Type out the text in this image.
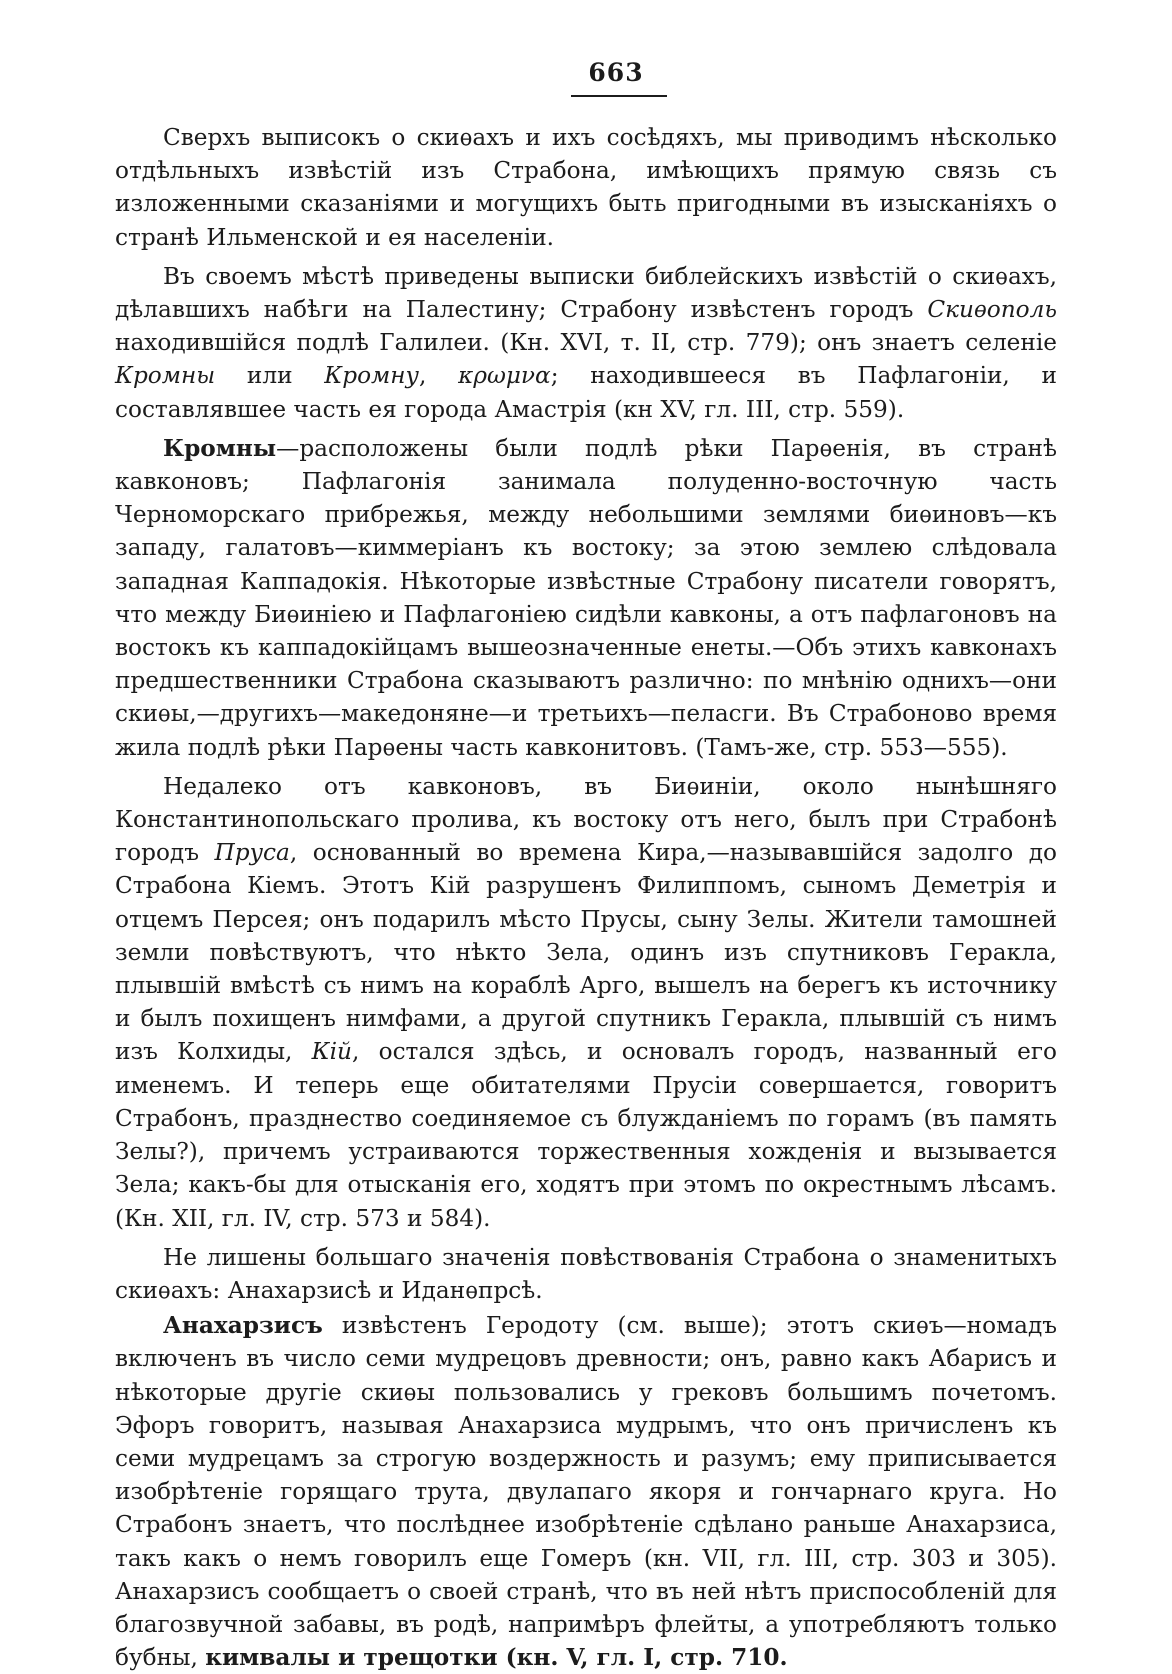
663

Сверхъ выписокъ о скиѳахъ и ихъ сосѣдяхъ, мы приводимъ нѣсколько отдѣльныхъ извѣстій изъ Страбона, имѣющихъ прямую связь съ изложенными сказаніями и могущихъ быть пригодными въ изысканіяхъ о странѣ Ильменской и ея населеніи.

Въ своемъ мѣстѣ приведены выписки библейскихъ извѣстій о скиѳахъ, дѣлавшихъ набѣги на Палестину; Страбону извѣстенъ городъ Скиѳополь находившійся подлѣ Галилеи. (Кн. XVI, т. II, стр. 779); онъ знаетъ селеніе Кромны или Кромну, κρωμνα; находившееся въ Пафлагоніи, и составлявшее часть ея города Амастрія (кн XV, гл. III, стр. 559).

Кромны—расположены были подлѣ рѣки Парѳенія, въ странѣ кавконовъ; Пафлагонія занимала полуденно-восточную часть Черноморскаго прибрежья, между небольшими землями биѳиновъ—къ западу, галатовъ—киммеріанъ къ востоку; за этою землею слѣдовала западная Каппадокія. Нѣкоторые извѣстные Страбону писатели говорятъ, что между Биѳиніею и Пафлагоніею сидѣли кавконы, а отъ пафлагоновъ на востокъ къ каппадокійцамъ вышеозначенные енеты.—Объ этихъ кавконахъ предшественники Страбона сказываютъ различно: по мнѣнію однихъ—они скиѳы,—другихъ—македоняне—и третьихъ—пеласги. Въ Страбоново время жила подлѣ рѣки Парѳены часть кавконитовъ. (Тамъ-же, стр. 553—555).

Недалеко отъ кавконовъ, въ Биѳиніи, около нынѣшняго Константинопольскаго пролива, къ востоку отъ него, былъ при Страбонѣ городъ Пруса, основанный во времена Кира,—называвшійся задолго до Страбона Кіемъ. Этотъ Кій разрушенъ Филиппомъ, сыномъ Деметрія и отцемъ Персея; онъ подарилъ мѣсто Прусы, сыну Зелы. Жители тамошней земли повѣствуютъ, что нѣкто Зела, одинъ изъ спутниковъ Геракла, плывшій вмѣстѣ съ нимъ на кораблѣ Арго, вышелъ на берегъ къ источнику и былъ похищенъ нимфами, а другой спутникъ Геракла, плывшій съ нимъ изъ Колхиды, Кій, остался здѣсь, и основалъ городъ, названный его именемъ. И теперь еще обитателями Прусіи совершается, говоритъ Страбонъ, празднество соединяемое съ блужданіемъ по горамъ (въ память Зелы?), причемъ устраиваются торжественныя хожденія и вызывается Зела; какъ-бы для отысканія его, ходятъ при этомъ по окрестнымъ лѣсамъ. (Кн. XII, гл. IV, стр. 573 и 584).

Не лишены большаго значенія повѣствованія Страбона о знаменитыхъ скиѳахъ: Анахарзисѣ и Иданѳпрсѣ.

Анахарзисъ извѣстенъ Геродоту (см. выше); этотъ скиѳъ—номадъ включенъ въ число семи мудрецовъ древности; онъ, равно какъ Абарисъ и нѣкоторые другіе скиѳы пользовались у грековъ большимъ почетомъ. Эфоръ говоритъ, называя Анахарзиса мудрымъ, что онъ причисленъ къ семи мудрецамъ за строгую воздержность и разумъ; ему приписывается изобрѣтеніе горящаго трута, двулапаго якоря и гончарнаго круга. Но Страбонъ знаетъ, что послѣднее изобрѣтеніе сдѣлано раньше Анахарзиса, такъ какъ о немъ говорилъ еще Гомеръ (кн. VII, гл. III, стр. 303 и 305). Анахарзисъ сообщаетъ о своей странѣ, что въ ней нѣтъ приспособленій для благозвучной забавы, въ родѣ, напримѣръ флейты, а употребляютъ только бубны, кимвалы и трещотки (кн. V, гл. I, стр. 710.
